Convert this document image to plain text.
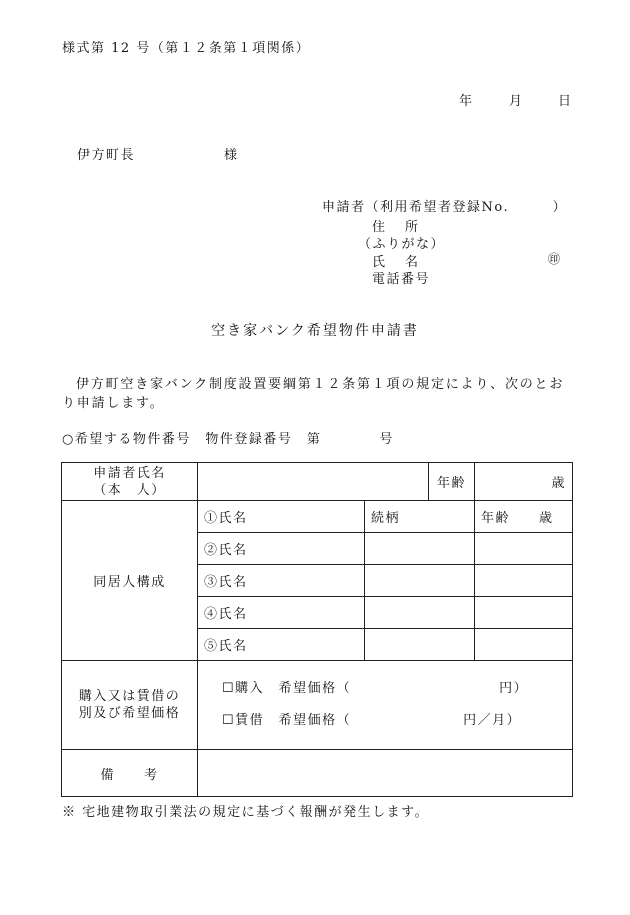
様式第 12 号（第１２条第１項関係）
年	月	日
伊方町長	様
申請者（利用希望者登録No.　　　）
住所
（ふりがな）
氏名	㊞
電話番号
空き家バンク希望物件申請書
伊方町空き家バンク制度設置要綱第１２条第１項の規定により、次のとおり申請します。
○希望する物件番号　物件登録番号　第　　　　号
申請者氏名
（本　人）			年齢	歳
同居人構成	①氏名	続柄		年齢　　歳
	②氏名			
	③氏名			
	④氏名			
	⑤氏名			

購入又は賃借の
別及び希望価格	☐購入　希望価格（ 円）
☐賃借　希望価格（ 円／月）			

備　　考				
※ 宅地建物取引業法の規定に基づく報酬が発生します。
